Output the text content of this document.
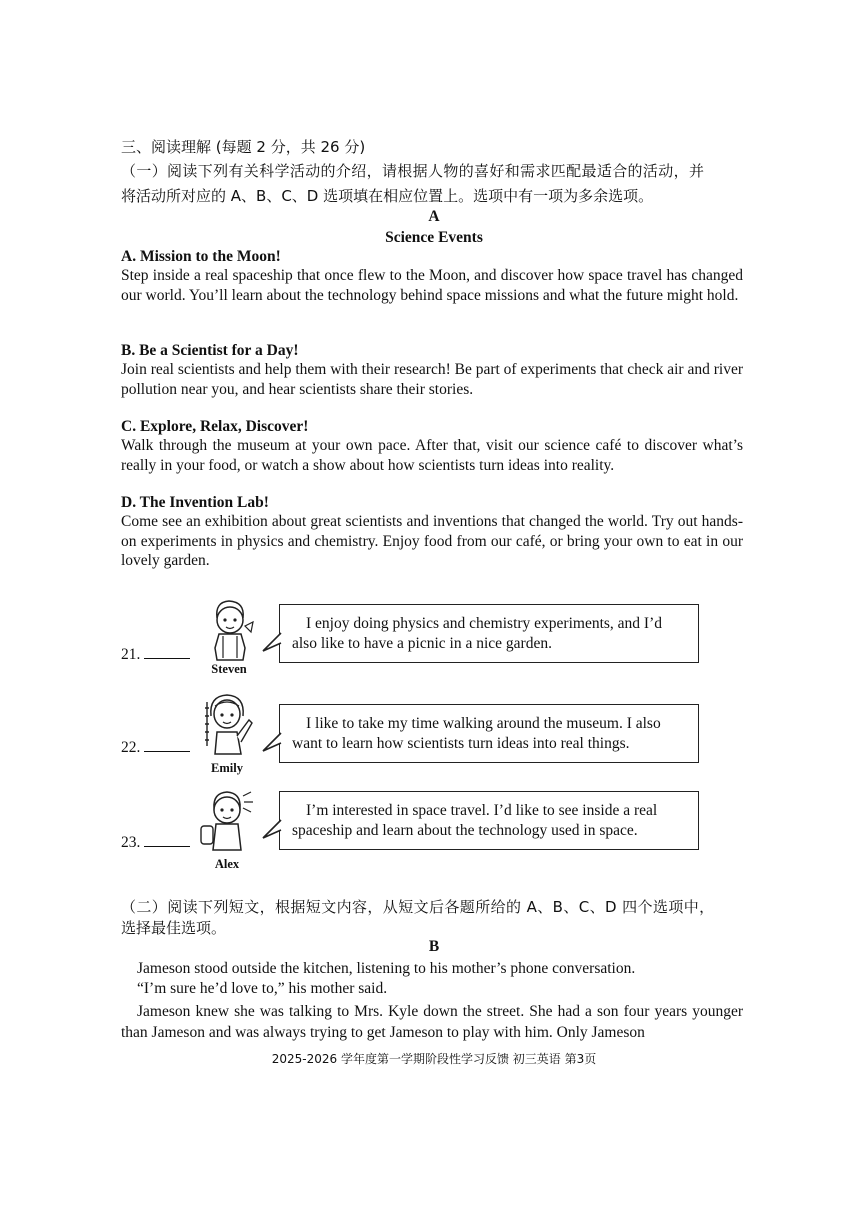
三、阅读理解 (每题 2 分，共 26 分)
（一）阅读下列有关科学活动的介绍，请根据人物的喜好和需求匹配最适合的活动，并
将活动所对应的 A、B、C、D 选项填在相应位置上。选项中有一项为多余选项。
A
Science Events
A. Mission to the Moon!
Step inside a real spaceship that once flew to the Moon, and discover how space travel has changed our world. You’ll learn about the technology behind space missions and what the future might hold.
B. Be a Scientist for a Day!
Join real scientists and help them with their research! Be part of experiments that check air and river pollution near you, and hear scientists share their stories.
C. Explore, Relax, Discover!
Walk through the museum at your own pace. After that, visit our science café to discover what’s really in your food, or watch a show about how scientists turn ideas into reality.
D. The Invention Lab!
Come see an exhibition about great scientists and inventions that changed the world. Try out hands-on experiments in physics and chemistry. Enjoy food from our café, or bring your own to eat in our lovely garden.
21.
Steven
I enjoy doing physics and chemistry experiments, and I’d also like to have a picnic in a nice garden.
22.
Emily
I like to take my time walking around the museum. I also want to learn how scientists turn ideas into real things.
23.
Alex
I’m interested in space travel. I’d like to see inside a real spaceship and learn about the technology used in space.
（二）阅读下列短文，根据短文内容，从短文后各题所给的 A、B、C、D 四个选项中，
选择最佳选项。
B
Jameson stood outside the kitchen, listening to his mother’s phone conversation.
“I’m sure he’d love to,” his mother said.
Jameson knew she was talking to Mrs. Kyle down the street. She had a son four years younger than Jameson and was always trying to get Jameson to play with him. Only Jameson
2025-2026 学年度第一学期阶段性学习反馈 初三英语 第3页
